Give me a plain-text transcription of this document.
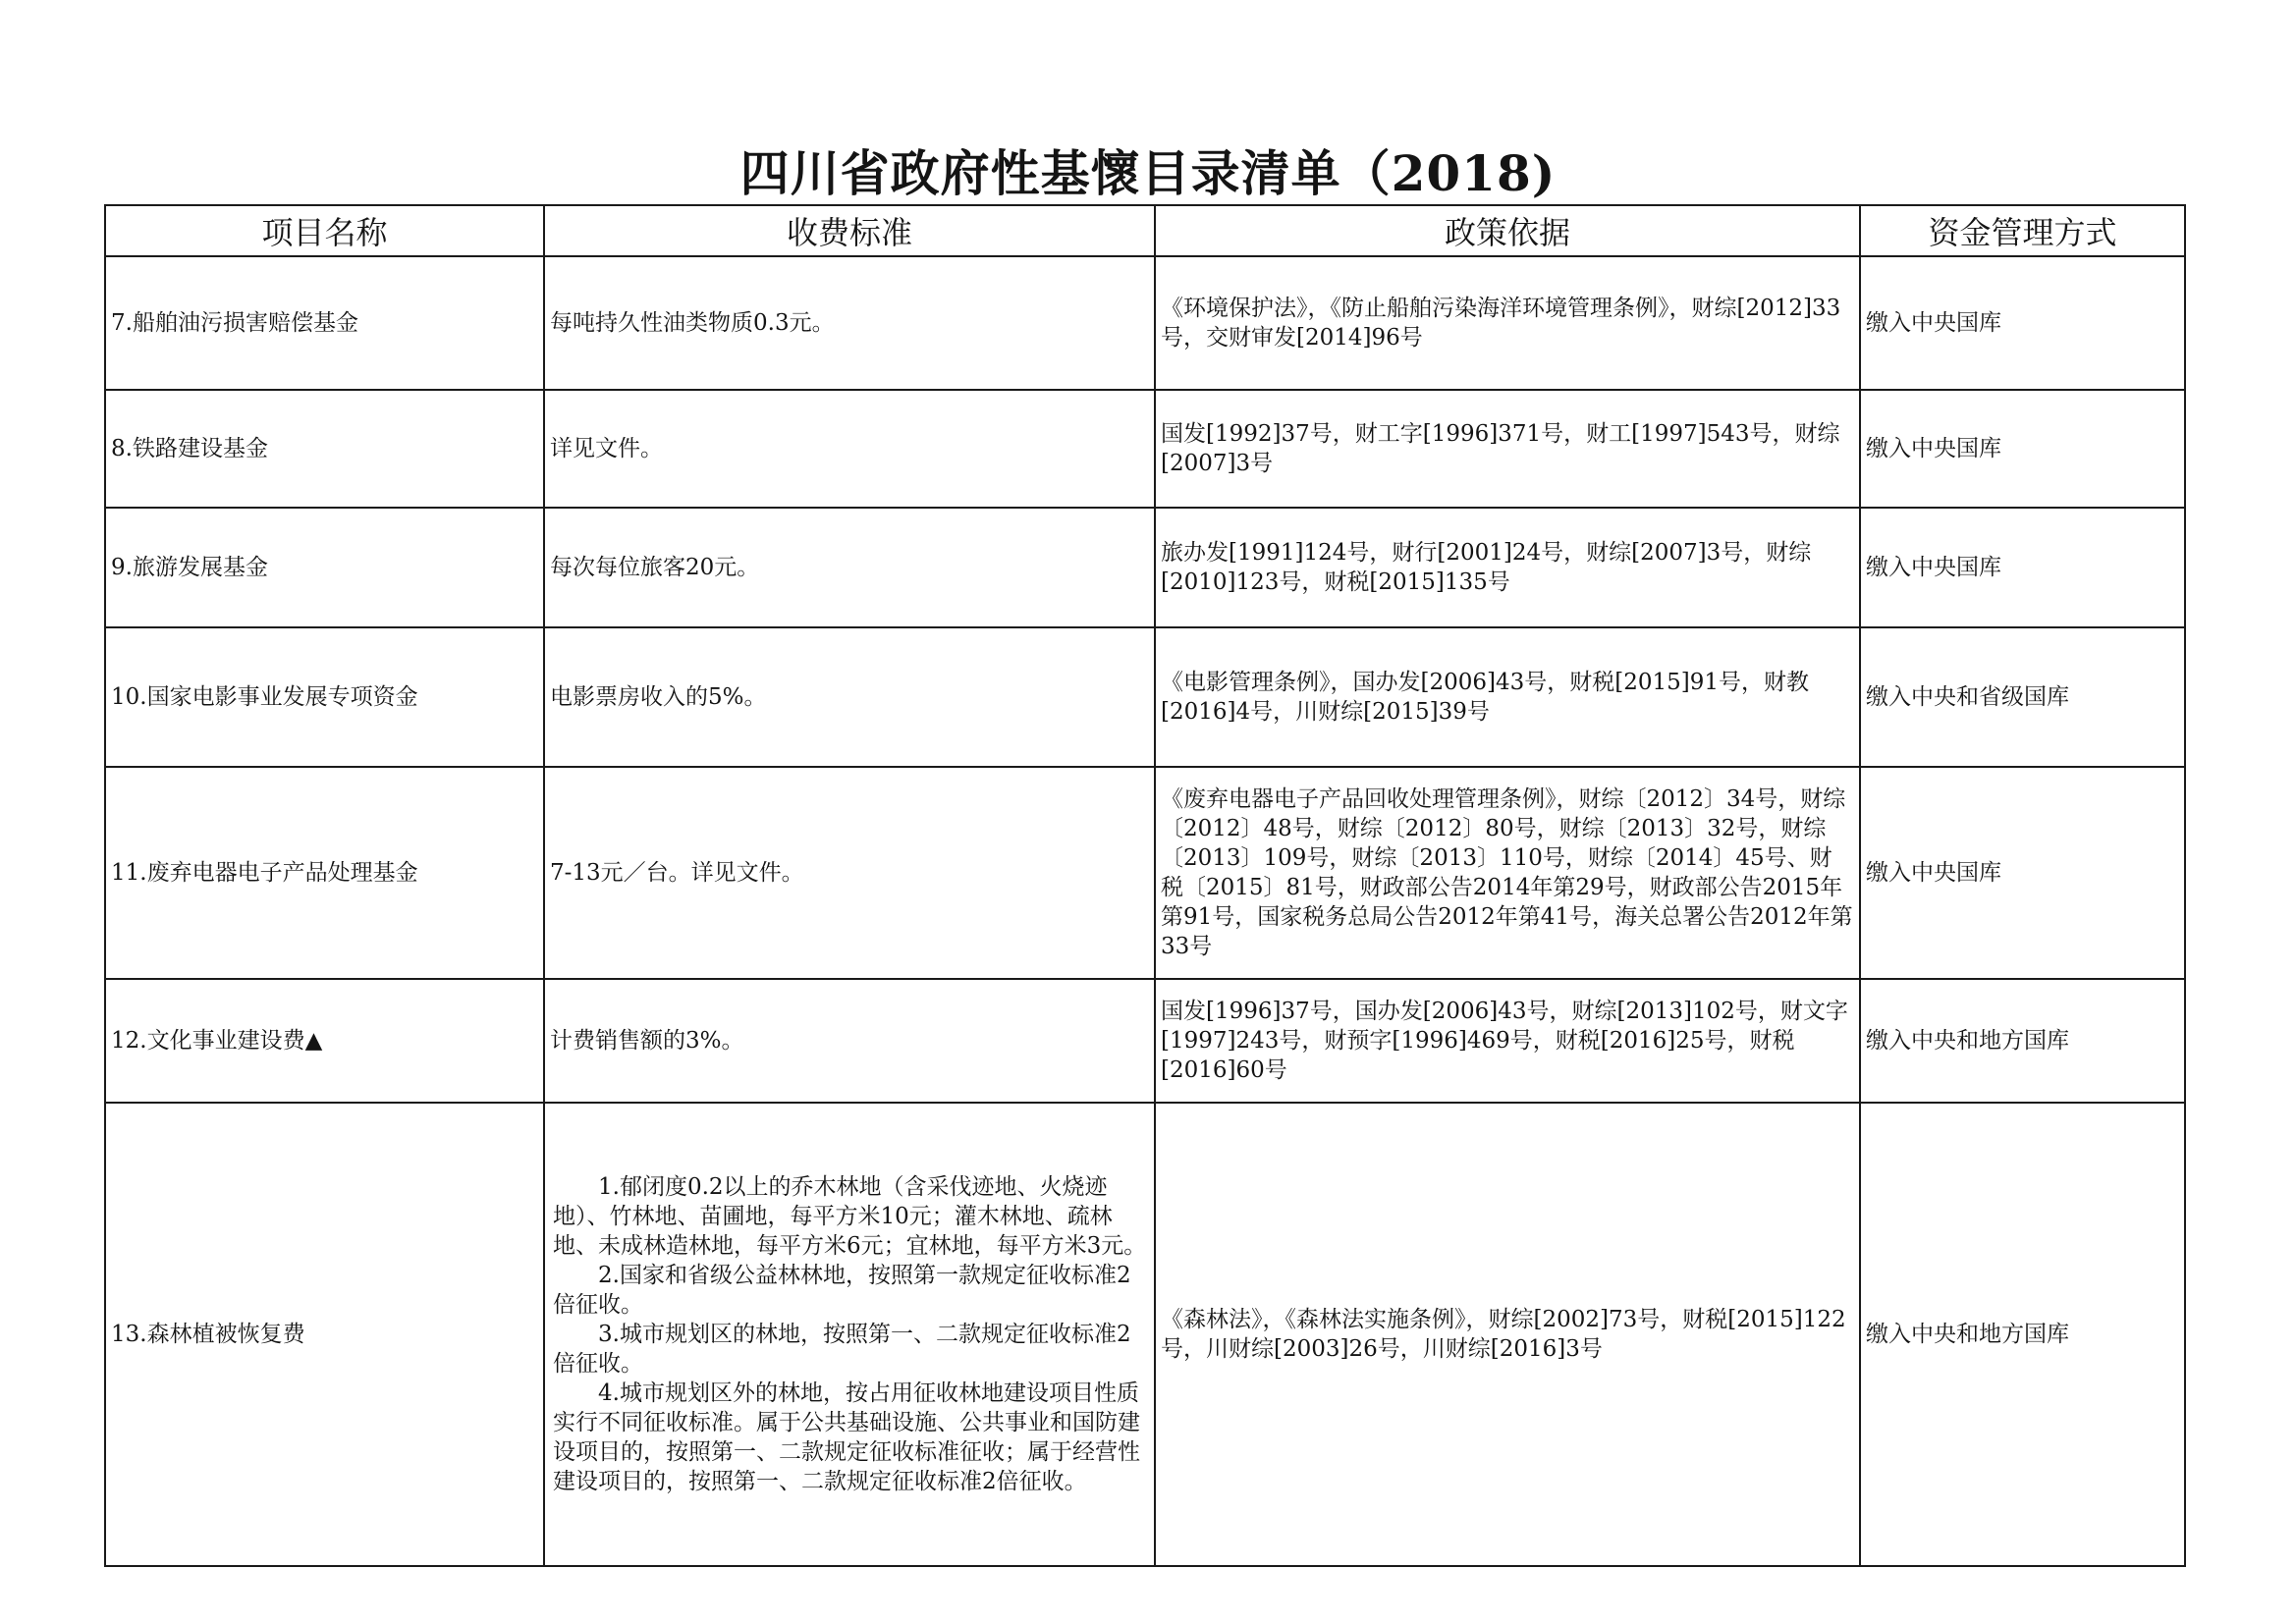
四川省政府性基懷目录清单（2018)
项目名称	收费标准	政策依据	资金管理方式
7.船舶油污损害赔偿基金	每吨持久性油类物质0.3元。	《环境保护法》，《防止船舶污染海洋环境管理条例》，财综[2012]33号，交财审发[2014]96号	缴入中央国库
8.铁路建设基金	详见文件。	国发[1992]37号，财工字[1996]371号，财工[1997]543号，财综[2007]3号	缴入中央国库
9.旅游发展基金	每次每位旅客20元。	旅办发[1991]124号，财行[2001]24号，财综[2007]3号，财综[2010]123号，财税[2015]135号	缴入中央国库
10.国家电影事业发展专项资金	电影票房收入的5%。	《电影管理条例》，国办发[2006]43号，财税[2015]91号，财教[2016]4号，川财综[2015]39号	缴入中央和省级国库
11.废弃电器电子产品处理基金	7-13元／台。详见文件。	《废弃电器电子产品回收处理管理条例》，财综〔2012〕34号，财综〔2012〕48号，财综〔2012〕80号，财综〔2013〕32号，财综〔2013〕109号，财综〔2013〕110号，财综〔2014〕45号、财税〔2015〕81号，财政部公告2014年第29号，财政部公告2015年第91号，国家税务总局公告2012年第41号，海关总署公告2012年第33号	缴入中央国库
12.文化事业建设费▲	计费销售额的3%。	国发[1996]37号，国办发[2006]43号，财综[2013]102号，财文字[1997]243号，财预字[1996]469号，财税[2016]25号，财税[2016]60号	缴入中央和地方国库
13.森林植被恢复费	1.郁闭度0.2以上的乔木林地（含采伐迹地、火烧迹地）、竹林地、苗圃地，每平方米10元；灌木林地、疏林地、未成林造林地，每平方米6元；宜林地，每平方米3元。
2.国家和省级公益林林地，按照第一款规定征收标准2倍征收。
3.城市规划区的林地，按照第一、二款规定征收标准2倍征收。
4.城市规划区外的林地，按占用征收林地建设项目性质实行不同征收标准。属于公共基础设施、公共事业和国防建设项目的，按照第一、二款规定征收标准征收；属于经营性建设项目的，按照第一、二款规定征收标准2倍征收。	《森林法》，《森林法实施条例》，财综[2002]73号，财税[2015]122号，川财综[2003]26号，川财综[2016]3号	缴入中央和地方国库
